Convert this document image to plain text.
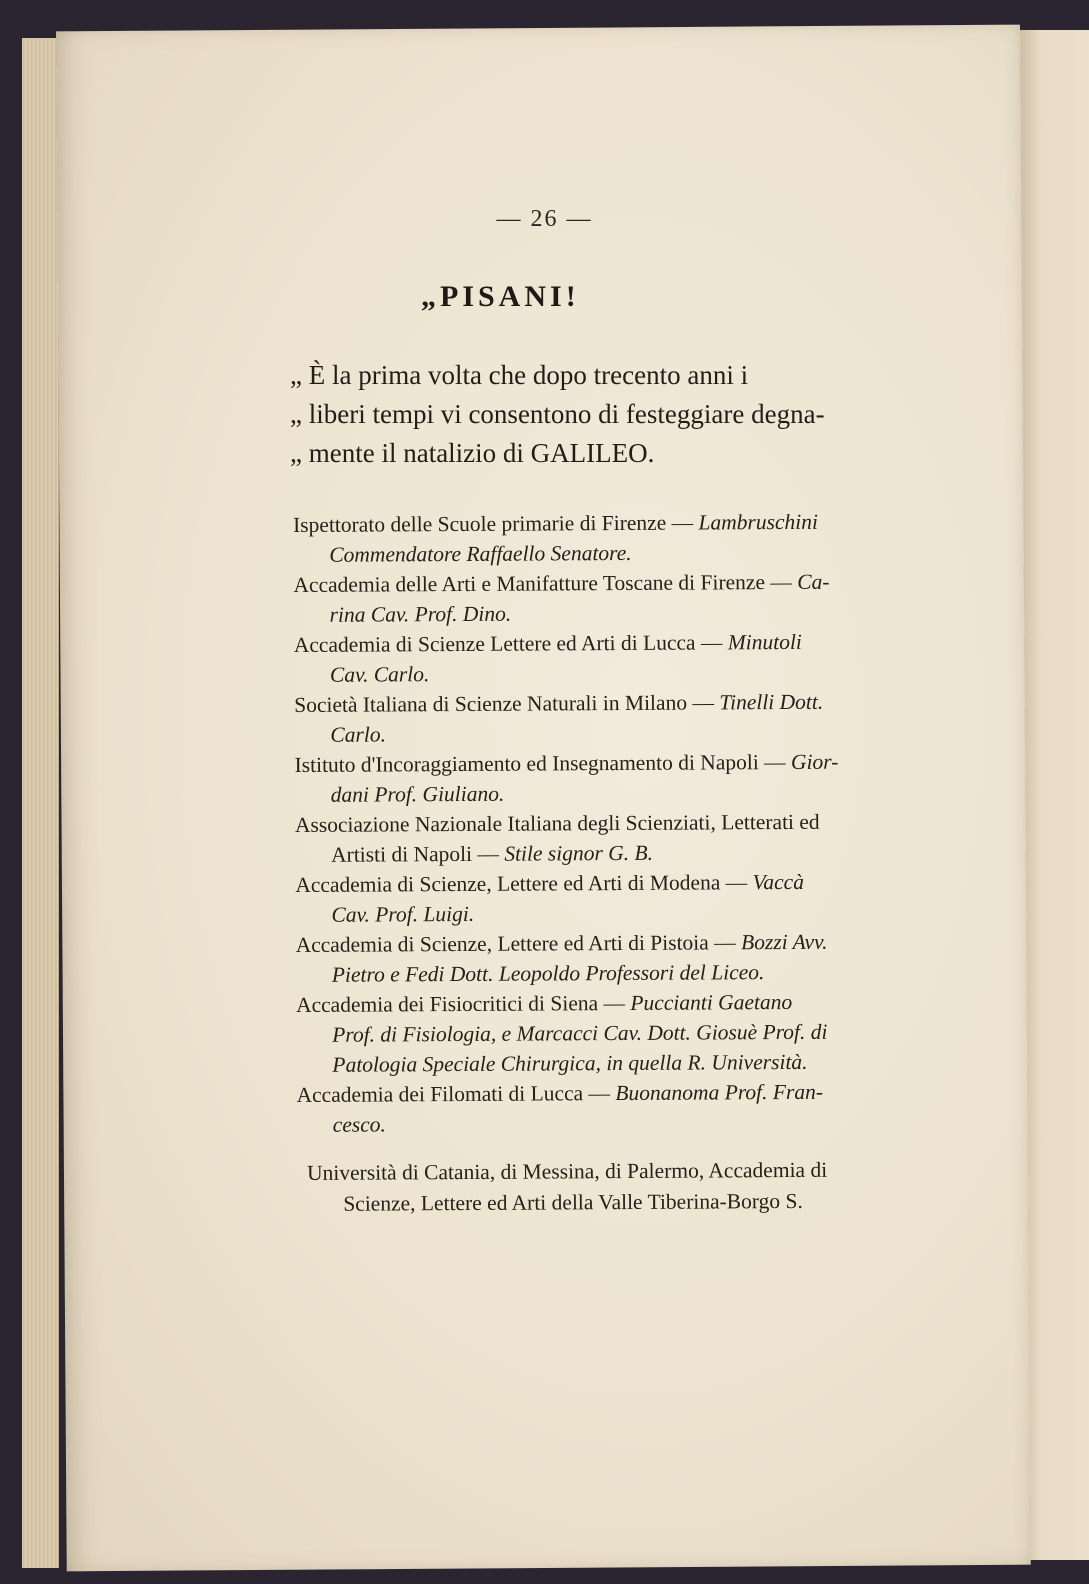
— 26 —
„PISANI!
„ È la prima volta che dopo trecento anni i
„ liberi tempi vi consentono di festeggiare degna-
„ mente il natalizio di GALILEO.
Ispettorato delle Scuole primarie di Firenze — Lambruschini
Commendatore Raffaello Senatore.
Accademia delle Arti e Manifatture Toscane di Firenze — Ca-
rina Cav. Prof. Dino.
Accademia di Scienze Lettere ed Arti di Lucca — Minutoli
Cav. Carlo.
Società Italiana di Scienze Naturali in Milano — Tinelli Dott.
Carlo.
Istituto d'Incoraggiamento ed Insegnamento di Napoli — Gior-
dani Prof. Giuliano.
Associazione Nazionale Italiana degli Scienziati, Letterati ed
Artisti di Napoli — Stile signor G. B.
Accademia di Scienze, Lettere ed Arti di Modena — Vaccà
Cav. Prof. Luigi.
Accademia di Scienze, Lettere ed Arti di Pistoia — Bozzi Avv.
Pietro e Fedi Dott. Leopoldo Professori del Liceo.
Accademia dei Fisiocritici di Siena — Puccianti Gaetano
Prof. di Fisiologia, e Marcacci Cav. Dott. Giosuè Prof. di
Patologia Speciale Chirurgica, in quella R. Università.
Accademia dei Filomati di Lucca — Buonanoma Prof. Fran-
cesco.
Università di Catania, di Messina, di Palermo, Accademia di
Scienze, Lettere ed Arti della Valle Tiberina-Borgo S.
